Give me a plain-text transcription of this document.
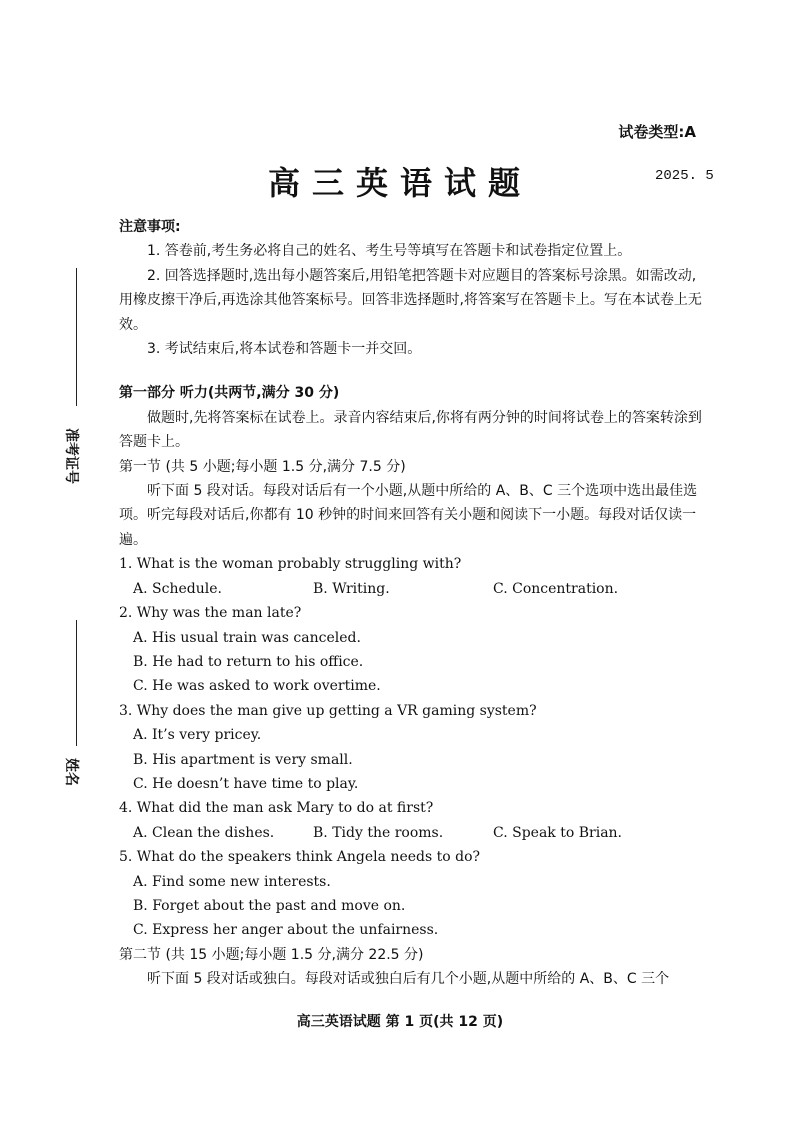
试卷类型:A
高三英语试题	2025. 5
准考证号
姓名

注意事项:

1. 答卷前,考生务必将自己的姓名、考生号等填写在答题卡和试卷指定位置上。

2. 回答选择题时,选出每小题答案后,用铅笔把答题卡对应题目的答案标号涂黑。如需改动,用橡皮擦干净后,再选涂其他答案标号。回答非选择题时,将答案写在答题卡上。写在本试卷上无效。

3. 考试结束后,将本试卷和答题卡一并交回。

第一部分 听力(共两节,满分 30 分)

做题时,先将答案标在试卷上。录音内容结束后,你将有两分钟的时间将试卷上的答案转涂到答题卡上。

第一节 (共 5 小题;每小题 1.5 分,满分 7.5 分)

听下面 5 段对话。每段对话后有一个小题,从题中所给的 A、B、C 三个选项中选出最佳选项。听完每段对话后,你都有 10 秒钟的时间来回答有关小题和阅读下一小题。每段对话仅读一遍。

1. What is the woman probably struggling with?

A. Schedule.	B. Writing.	C. Concentration.

2. Why was the man late?

A. His usual train was canceled.

B. He had to return to his office.

C. He was asked to work overtime.

3. Why does the man give up getting a VR gaming system?

A. It’s very pricey.

B. His apartment is very small.

C. He doesn’t have time to play.

4. What did the man ask Mary to do at first?

A. Clean the dishes.	B. Tidy the rooms.	C. Speak to Brian.

5. What do the speakers think Angela needs to do?

A. Find some new interests.

B. Forget about the past and move on.

C. Express her anger about the unfairness.

第二节 (共 15 小题;每小题 1.5 分,满分 22.5 分)

听下面 5 段对话或独白。每段对话或独白后有几个小题,从题中所给的 A、B、C 三个

高三英语试题 第 1 页(共 12 页)
